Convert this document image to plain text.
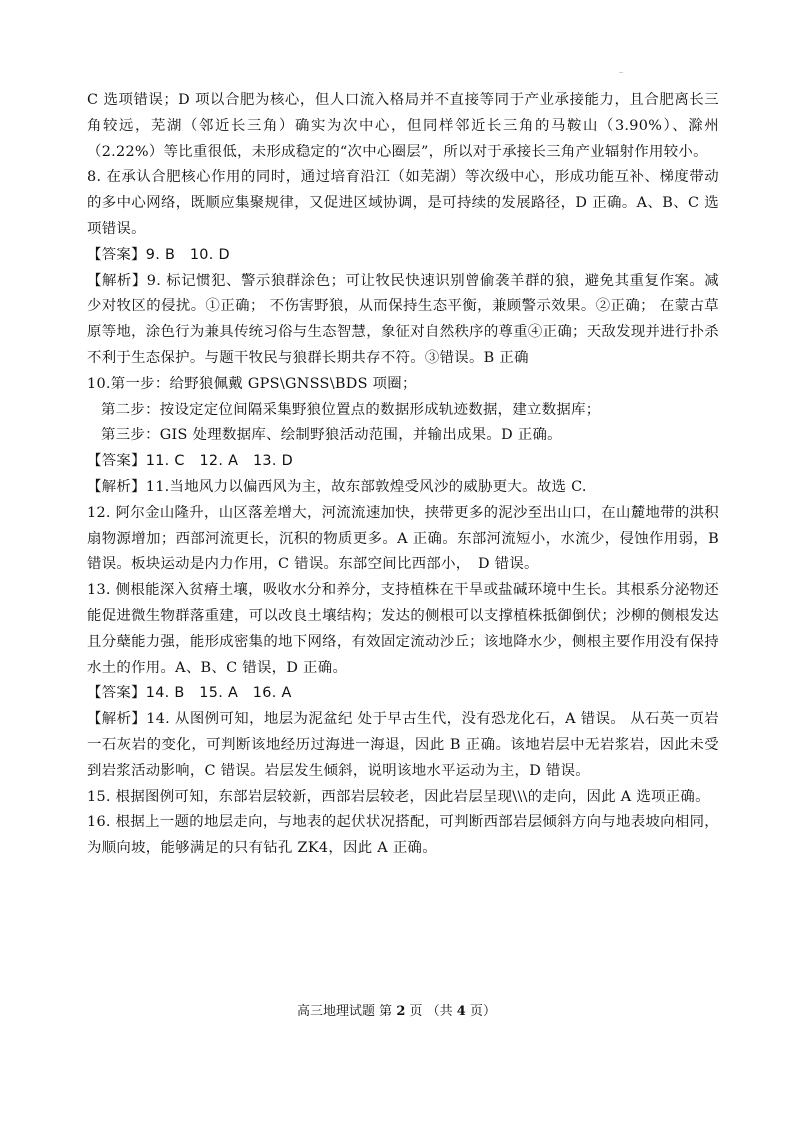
C 选项错误；D 项以合肥为核心，但人口流入格局并不直接等同于产业承接能力，且合肥离长三角较远，芜湖（邻近长三角）确实为次中心，但同样邻近长三角的马鞍山（3.90%）、滁州（2.22%）等比重很低，未形成稳定的“次中心圈层”，所以对于承接长三角产业辐射作用较小。

8. 在承认合肥核心作用的同时，通过培育沿江（如芜湖）等次级中心，形成功能互补、梯度带动的多中心网络，既顺应集聚规律，又促进区域协调，是可持续的发展路径，D 正确。A、B、C 选项错误。

【答案】9. B　10. D

【解析】9. 标记惯犯、警示狼群涂色；可让牧民快速识别曾偷袭羊群的狼，避免其重复作案。减少对牧区的侵扰。①正确； 不伤害野狼，从而保持生态平衡，兼顾警示效果。②正确； 在蒙古草原等地，涂色行为兼具传统习俗与生态智慧，象征对自然秩序的尊重④正确；天敌发现并进行扑杀不利于生态保护。与题干牧民与狼群长期共存不符。③错误。B 正确

10.第一步：给野狼佩戴 GPS\GNSS\BDS 项圈；

第二步：按设定定位间隔采集野狼位置点的数据形成轨迹数据，建立数据库；

第三步：GIS 处理数据库、绘制野狼活动范围，并输出成果。D 正确。

【答案】11. C　12. A　13. D

【解析】11.当地风力以偏西风为主，故东部敦煌受风沙的威胁更大。故选 C.

12. 阿尔金山隆升，山区落差增大，河流流速加快，挟带更多的泥沙至出山口，在山麓地带的洪积扇物源增加；西部河流更长，沉积的物质更多。A 正确。东部河流短小，水流少，侵蚀作用弱，B 错误。板块运动是内力作用，C 错误。东部空间比西部小，　D 错误。

13. 侧根能深入贫瘠土壤，吸收水分和养分，支持植株在干旱或盐碱环境中生长。其根系分泌物还能促进微生物群落重建，可以改良土壤结构；发达的侧根可以支撑植株抵御倒伏；沙柳的侧根发达且分蘖能力强，能形成密集的地下网络，有效固定流动沙丘；该地降水少，侧根主要作用没有保持水土的作用。A、B、C 错误，D 正确。

【答案】14. B　15. A　16. A

【解析】14. 从图例可知，地层为泥盆纪 处于早古生代，没有恐龙化石，A 错误。 从石英一页岩一石灰岩的变化，可判断该地经历过海进一海退，因此 B 正确。该地岩层中无岩浆岩，因此未受到岩浆活动影响，C 错误。岩层发生倾斜，说明该地水平运动为主，D 错误。

15. 根据图例可知，东部岩层较新，西部岩层较老，因此岩层呈现\\\的走向，因此 A 选项正确。

16. 根据上一题的地层走向，与地表的起伏状况搭配，可判断西部岩层倾斜方向与地表坡向相同，为顺向坡，能够满足的只有钻孔 ZK4，因此 A 正确。

高三地理试题 第 2 页 （共 4 页）
